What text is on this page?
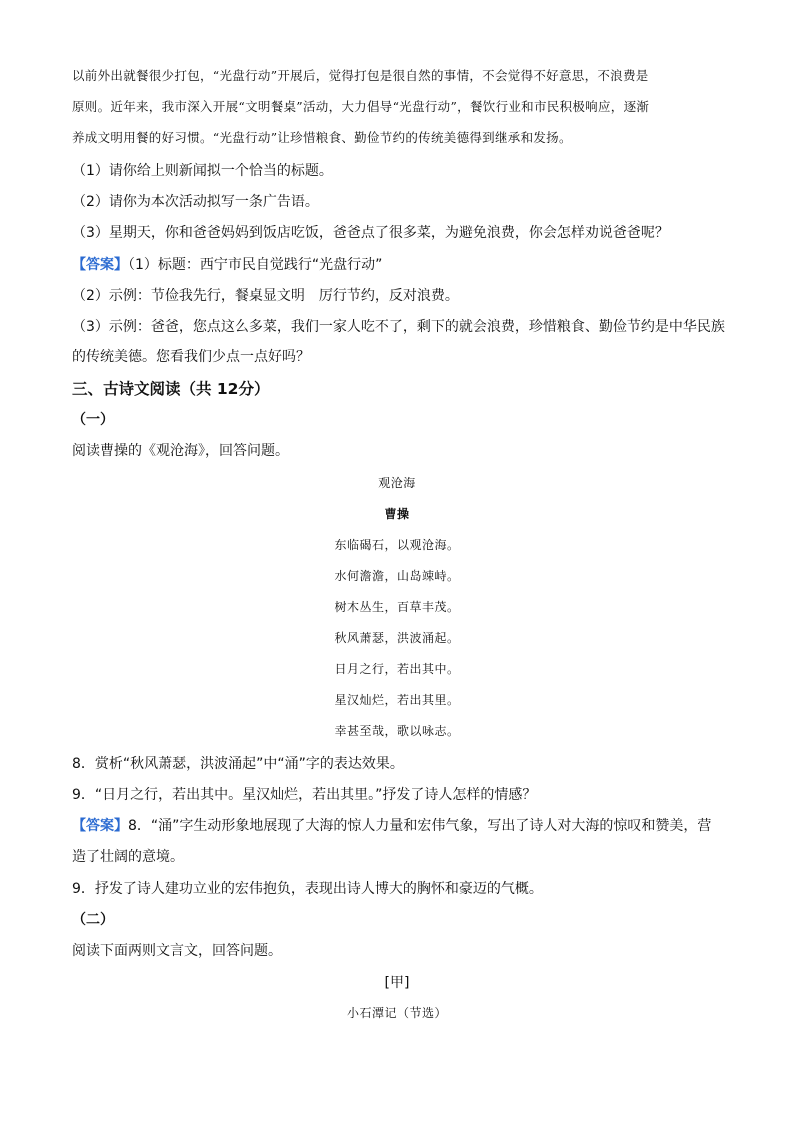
以前外出就餐很少打包，“光盘行动”开展后，觉得打包是很自然的事情，不会觉得不好意思，不浪费是
原则。近年来，我市深入开展“文明餐桌”活动，大力倡导“光盘行动”，餐饮行业和市民积极响应，逐渐
养成文明用餐的好习惯。“光盘行动”让珍惜粮食、勤俭节约的传统美德得到继承和发扬。
（1）请你给上则新闻拟一个恰当的标题。
（2）请你为本次活动拟写一条广告语。
（3）星期天，你和爸爸妈妈到饭店吃饭，爸爸点了很多菜，为避免浪费，你会怎样劝说爸爸呢？
【答案】（1）标题：西宁市民自觉践行“光盘行动”
（2）示例：节俭我先行，餐桌显文明　厉行节约，反对浪费。
（3）示例：爸爸，您点这么多菜，我们一家人吃不了，剩下的就会浪费，珍惜粮食、勤俭节约是中华民族
的传统美德。您看我们少点一点好吗？
三、古诗文阅读（共 12分）
（一）
阅读曹操的《观沧海》，回答问题。
观沧海
曹操
东临碣石，以观沧海。
水何澹澹，山岛竦峙。
树木丛生，百草丰茂。
秋风萧瑟，洪波涌起。
日月之行，若出其中。
星汉灿烂，若出其里。
幸甚至哉，歌以咏志。
8．赏析“秋风萧瑟，洪波涌起”中“涌”字的表达效果。
9．“日月之行，若出其中。星汉灿烂，若出其里。”抒发了诗人怎样的情感？
【答案】8．“涌”字生动形象地展现了大海的惊人力量和宏伟气象，写出了诗人对大海的惊叹和赞美，营
造了壮阔的意境。
9．抒发了诗人建功立业的宏伟抱负，表现出诗人博大的胸怀和豪迈的气概。
（二）
阅读下面两则文言文，回答问题。
[甲]
小石潭记（节选）
